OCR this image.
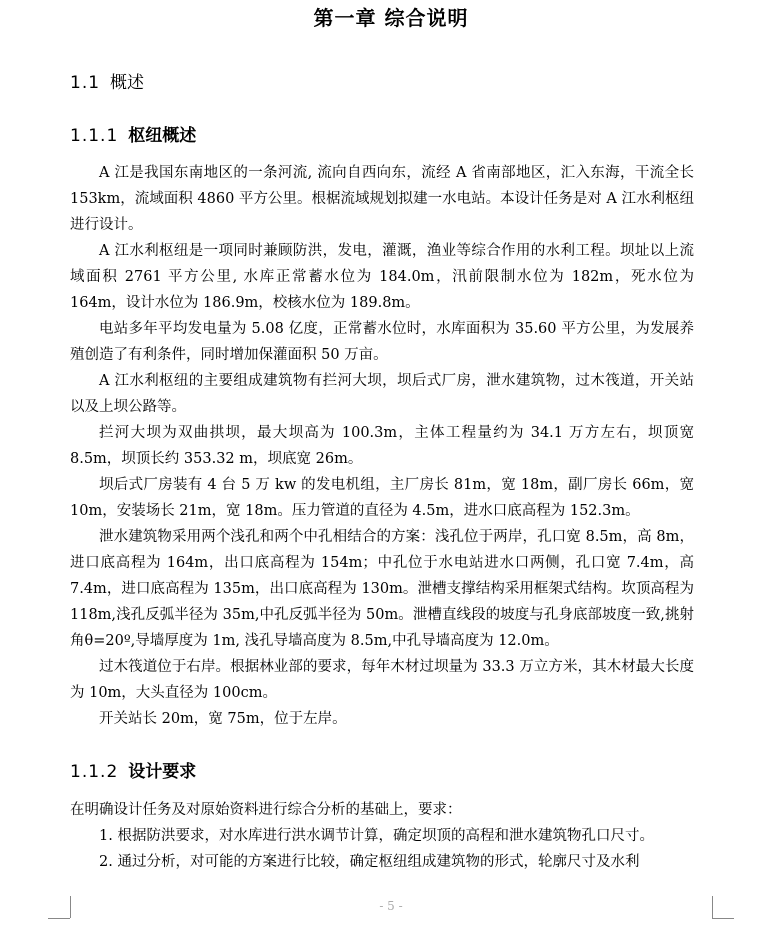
第一章 综合说明
1.1 概述
1.1.1 枢纽概述

A 江是我国东南地区的一条河流, 流向自西向东，流经 A 省南部地区，汇入东海，干流全长 153km，流域面积 4860 平方公里。根椐流域规划拟建一水电站。本设计任务是对 A 江水利枢纽进行设计。

A 江水利枢纽是一项同时兼顾防洪，发电，灌溉，渔业等综合作用的水利工程。坝址以上流域面积 2761 平方公里, 水库正常蓄水位为 184.0m，汛前限制水位为 182m，死水位为 164m，设计水位为 186.9m，校核水位为 189.8m。

电站多年平均发电量为 5.08 亿度，正常蓄水位时，水库面积为 35.60 平方公里，为发展养殖创造了有利条件，同时增加保灌面积 50 万亩。

A 江水利枢纽的主要组成建筑物有拦河大坝，坝后式厂房，泄水建筑物，过木筏道，开关站以及上坝公路等。

拦河大坝为双曲拱坝，最大坝高为 100.3m，主体工程量约为 34.1 万方左右，坝顶宽 8.5m，坝顶长约 353.32 m，坝底宽 26m。

坝后式厂房装有 4 台 5 万 kw 的发电机组，主厂房长 81m，宽 18m，副厂房长 66m，宽 10m，安装场长 21m，宽 18m。压力管道的直径为 4.5m，进水口底高程为 152.3m。

泄水建筑物采用两个浅孔和两个中孔相结合的方案：浅孔位于两岸，孔口宽 8.5m，高 8m，进口底高程为 164m，出口底高程为 154m；中孔位于水电站进水口两侧，孔口宽 7.4m，高 7.4m，进口底高程为 135m，出口底高程为 130m。泄槽支撑结构采用框架式结构。坎顶高程为 118m,浅孔反弧半径为 35m,中孔反弧半径为 50m。泄槽直线段的坡度与孔身底部坡度一致,挑射角θ=20º,导墙厚度为 1m, 浅孔导墙高度为 8.5m,中孔导墙高度为 12.0m。

过木筏道位于右岸。根据林业部的要求，每年木材过坝量为 33.3 万立方米，其木材最大长度为 10m，大头直径为 100cm。

开关站长 20m，宽 75m，位于左岸。

1.1.2 设计要求

在明确设计任务及对原始资料进行综合分析的基础上，要求：

1. 根据防洪要求，对水库进行洪水调节计算，确定坝顶的高程和泄水建筑物孔口尺寸。

2. 通过分析，对可能的方案进行比较，确定枢纽组成建筑物的形式，轮廓尺寸及水利

- 5 -
